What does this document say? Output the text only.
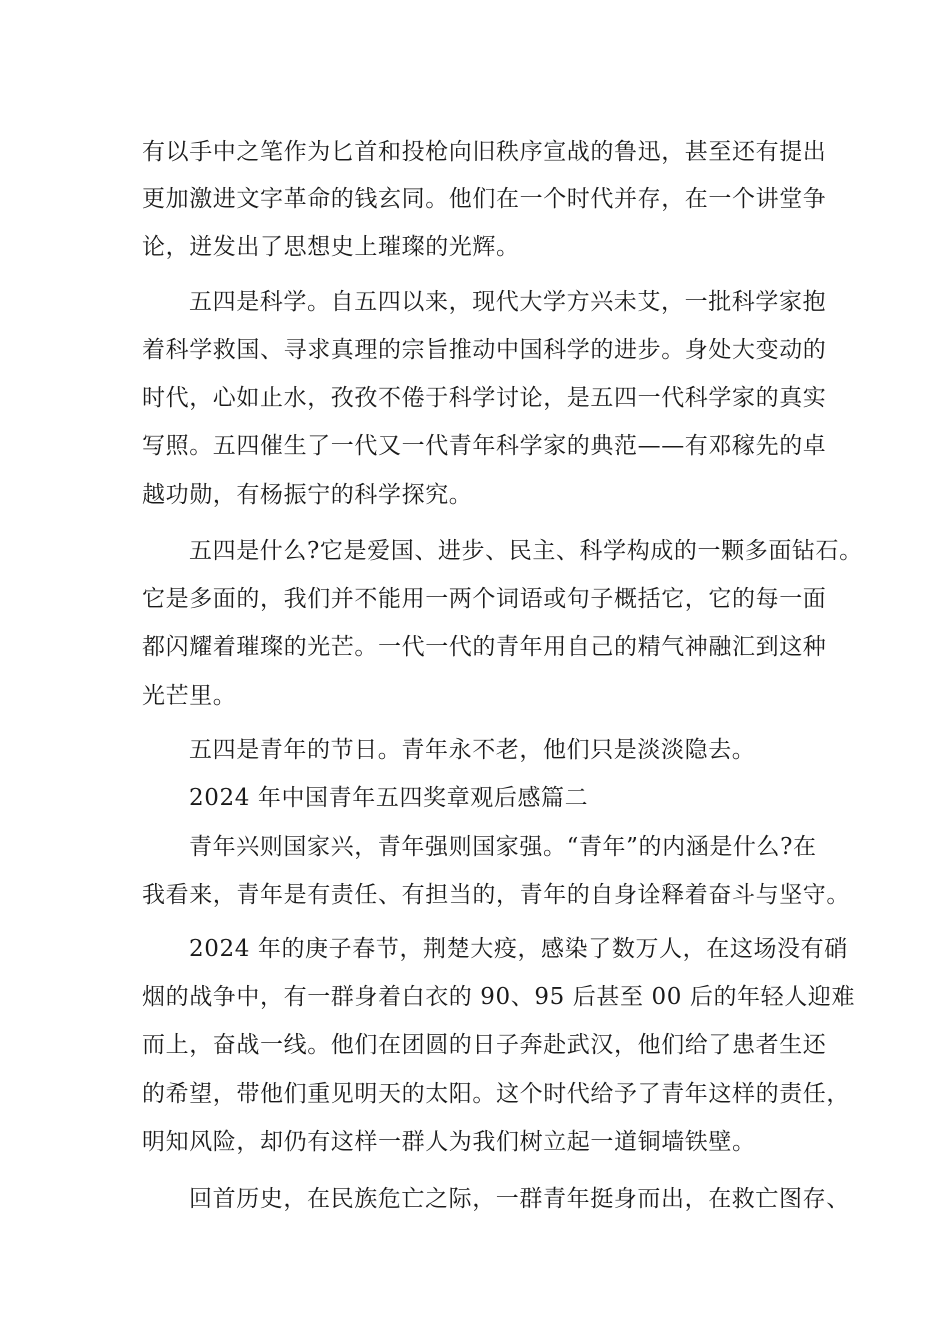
有以手中之笔作为匕首和投枪向旧秩序宣战的鲁迅，甚至还有提出
更加激进文字革命的钱玄同。他们在一个时代并存，在一个讲堂争
论，迸发出了思想史上璀璨的光辉。
五四是科学。自五四以来，现代大学方兴未艾，一批科学家抱
着科学救国、寻求真理的宗旨推动中国科学的进步。身处大变动的
时代，心如止水，孜孜不倦于科学讨论，是五四一代科学家的真实
写照。五四催生了一代又一代青年科学家的典范——有邓稼先的卓
越功勋，有杨振宁的科学探究。
五四是什么?它是爱国、进步、民主、科学构成的一颗多面钻石。
它是多面的，我们并不能用一两个词语或句子概括它，它的每一面
都闪耀着璀璨的光芒。一代一代的青年用自己的精气神融汇到这种
光芒里。
五四是青年的节日。青年永不老，他们只是淡淡隐去。
2024 年中国青年五四奖章观后感篇二
青年兴则国家兴，青年强则国家强。“青年”的内涵是什么?在
我看来，青年是有责任、有担当的，青年的自身诠释着奋斗与坚守。
2024 年的庚子春节，荆楚大疫，感染了数万人，在这场没有硝
烟的战争中，有一群身着白衣的 90、95 后甚至 00 后的年轻人迎难
而上，奋战一线。他们在团圆的日子奔赴武汉，他们给了患者生还
的希望，带他们重见明天的太阳。这个时代给予了青年这样的责任，
明知风险，却仍有这样一群人为我们树立起一道铜墙铁壁。
回首历史，在民族危亡之际，一群青年挺身而出，在救亡图存、
